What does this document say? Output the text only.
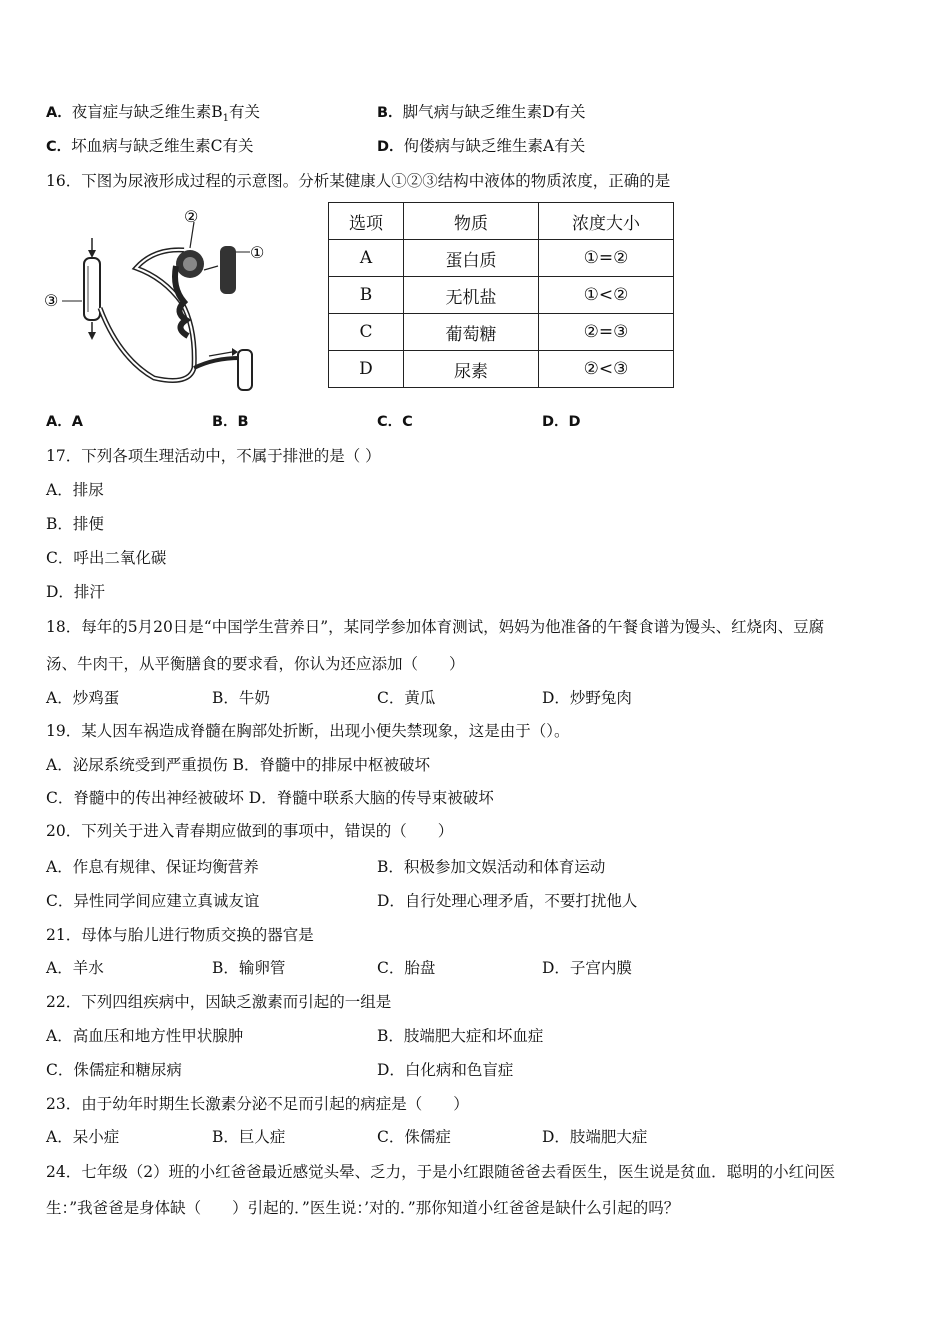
A．夜盲症与缺乏维生素$B_1$有关	B．脚气病与缺乏维生素D有关
C．坏血病与缺乏维生素C有关	D．佝偻病与缺乏维生素A有关
16．下图为尿液形成过程的示意图。分析某健康人①②③结构中液体的物质浓度，正确的是
②
①
③
选项	物质	浓度大小
A	蛋白质	①=②
B	无机盐	①<②
C	葡萄糖	②=③
D	尿素	②<③
A．A	B．B	C．C	D．D
17．下列各项生理活动中，不属于排泄的是（ ）
A．排尿
B．排便
C．呼出二氧化碳
D．排汗
18．每年的5月20日是“中国学生营养日”，某同学参加体育测试，妈妈为他准备的午餐食谱为馒头、红烧肉、豆腐
汤、牛肉干，从平衡膳食的要求看，你认为还应添加（　　）
A．炒鸡蛋	B．牛奶	C．黄瓜	D．炒野兔肉
19．某人因车祸造成脊髓在胸部处折断，出现小便失禁现象，这是由于（）。
A．泌尿系统受到严重损伤 B．脊髓中的排尿中枢被破坏
C．脊髓中的传出神经被破坏 D．脊髓中联系大脑的传导束被破坏
20．下列关于进入青春期应做到的事项中，错误的（　　）
A．作息有规律、保证均衡营养	B．积极参加文娱活动和体育运动
C．异性同学间应建立真诚友谊	D．自行处理心理矛盾，不要打扰他人
21．母体与胎儿进行物质交换的器官是
A．羊水	B．输卵管	C．胎盘	D．子宫内膜
22．下列四组疾病中，因缺乏激素而引起的一组是
A．高血压和地方性甲状腺肿	B．肢端肥大症和坏血症
C．侏儒症和糖尿病	D．白化病和色盲症
23．由于幼年时期生长激素分泌不足而引起的病症是（　　）
A．呆小症	B．巨人症	C．侏儒症	D．肢端肥大症
24．七年级（2）班的小红爸爸最近感觉头晕、乏力，于是小红跟随爸爸去看医生，医生说是贫血．聪明的小红问医
生：”我爸爸是身体缺（　　）引起的．”医生说：’对的．”那你知道小红爸爸是缺什么引起的吗？
